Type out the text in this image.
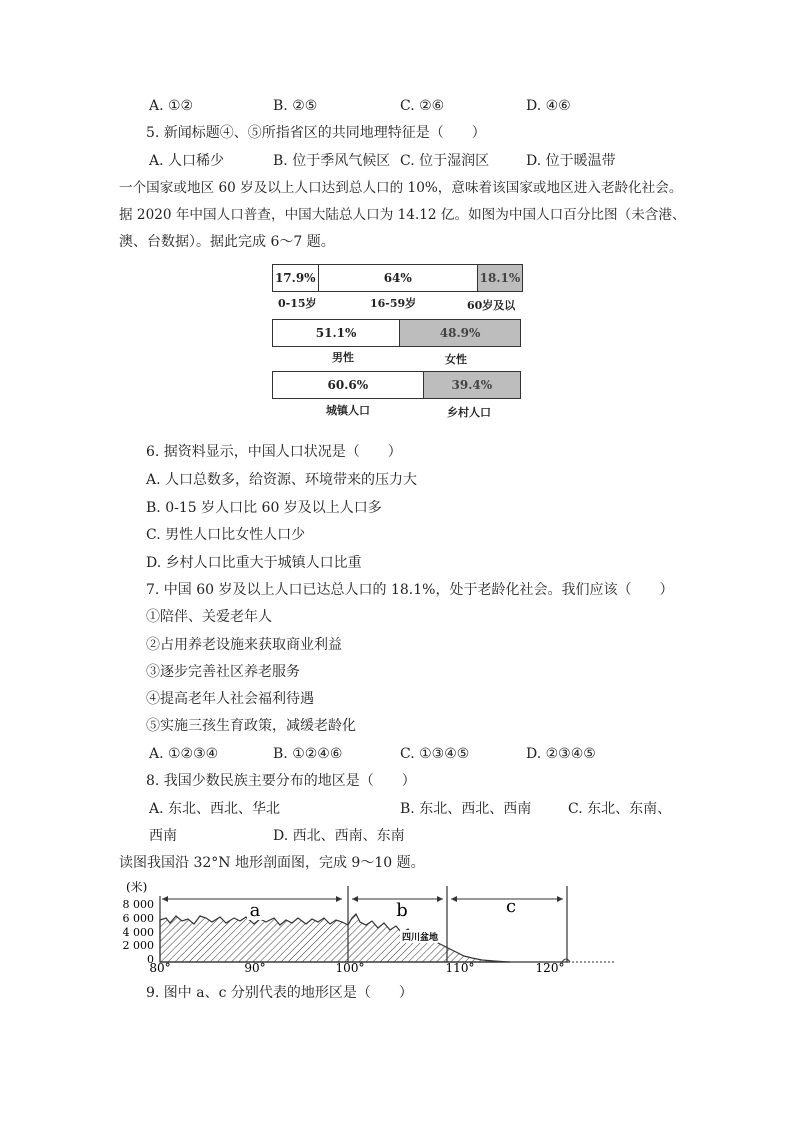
A. ①②	B. ②⑤	C. ②⑥	D. ④⑥
5. 新闻标题④、⑤所指省区的共同地理特征是（　　）
A. 人口稀少	B. 位于季风气候区 C. 位于湿润区	D. 位于暖温带
一个国家或地区 60 岁及以上人口达到总人口的 10%，意味着该国家或地区进入老龄化社会。
据 2020 年中国人口普查，中国大陆总人口为 14.12 亿。如图为中国人口百分比图（未含港、
澳、台数据）。据此完成 6～7 题。
17.9%	64%	18.1%
0-15岁	16-59岁	60岁及以
51.1%	48.9%
男性	女性
60.6%	39.4%
城镇人口	乡村人口
6. 据资料显示，中国人口状况是（　　）
A. 人口总数多，给资源、环境带来的压力大
B. 0-15 岁人口比 60 岁及以上人口多
C. 男性人口比女性人口少
D. 乡村人口比重大于城镇人口比重
7. 中国 60 岁及以上人口已达总人口的 18.1%，处于老龄化社会。我们应该（　　）
①陪伴、关爱老年人
②占用养老设施来获取商业利益
③逐步完善社区养老服务
④提高老年人社会福利待遇
⑤实施三孩生育政策，减缓老龄化
A. ①②③④	B. ①②④⑥	C. ①③④⑤	D. ②③④⑤
8. 我国少数民族主要分布的地区是（　　）
A. 东北、西北、华北	B. 东北、西北、西南	C. 东北、东南、
西南	D. 西北、西南、东南
读图我国沿 32°N 地形剖面图，完成 9～10 题。
(米)
8 000
6 000
4 000
2 000
0
a	b	c
四川盆地
80°	90°	100°	110°	120°
9. 图中 a、c 分别代表的地形区是（　　）
